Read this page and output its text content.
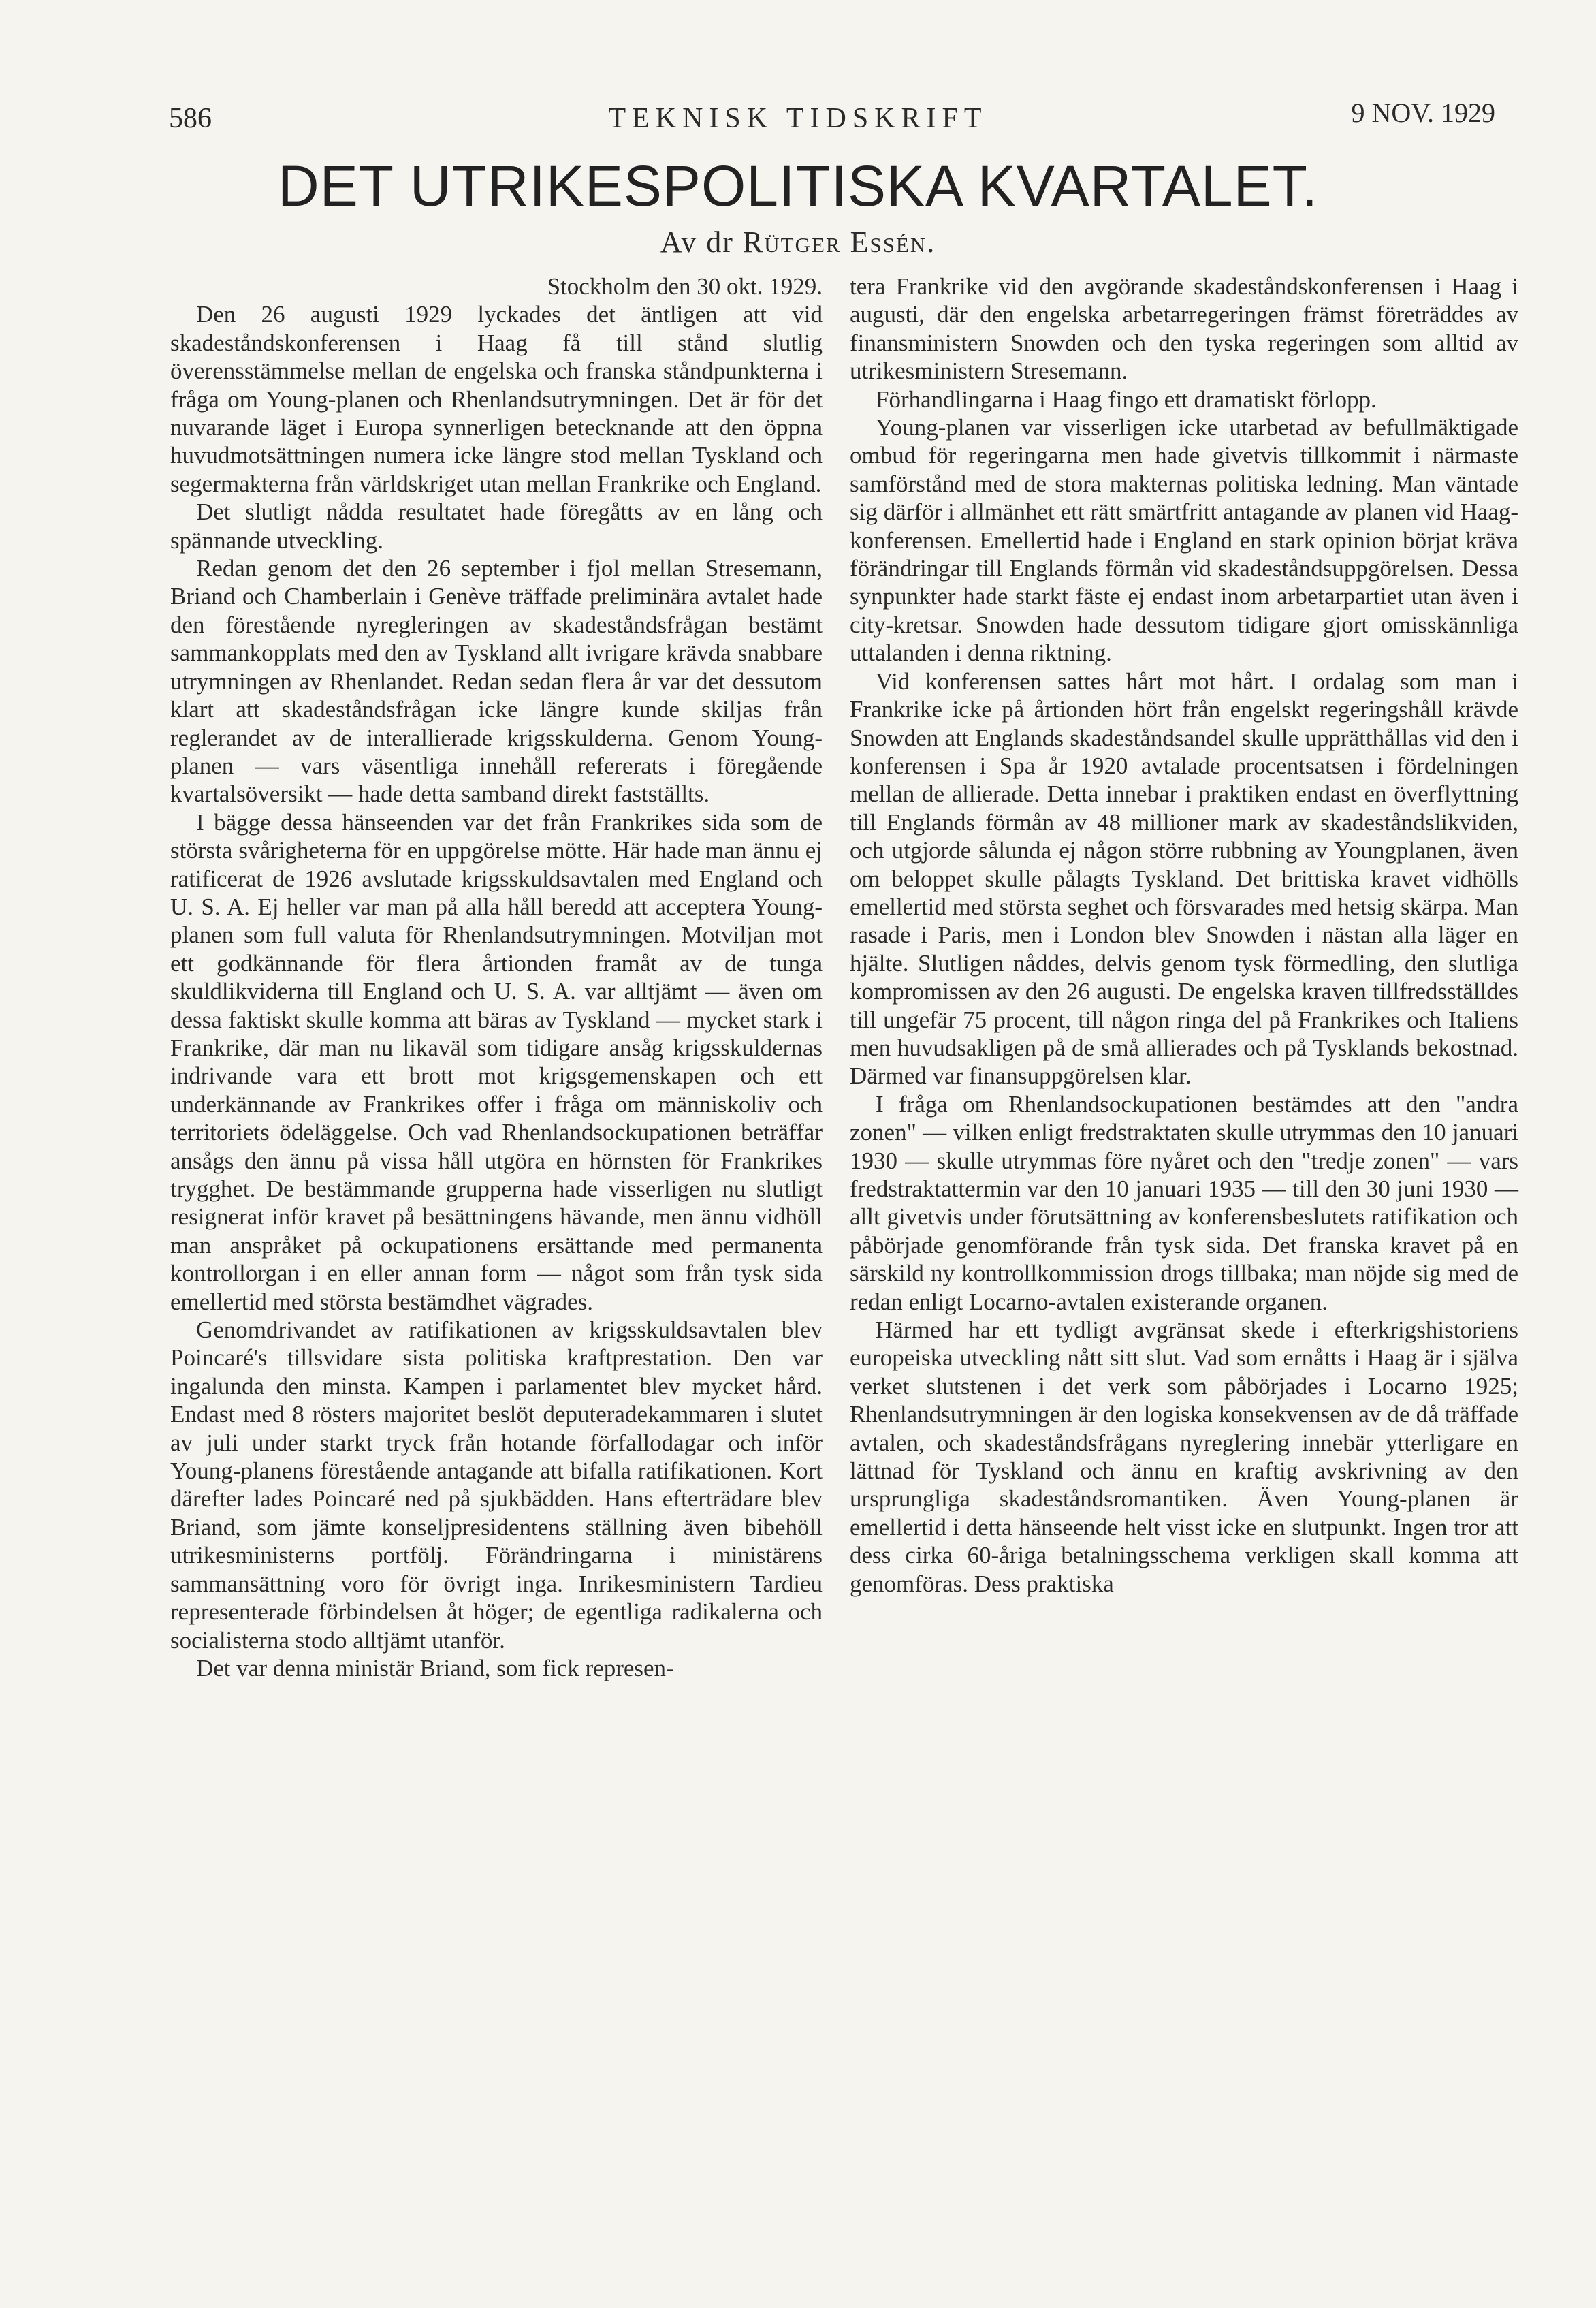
586	TEKNISK TIDSKRIFT	9 NOV. 1929
DET UTRIKESPOLITISKA KVARTALET.
Av dr Rütger Essén.

Stockholm den 30 okt. 1929.

Den 26 augusti 1929 lyckades det äntligen att vid skadeståndskonferensen i Haag få till stånd slutlig överensstämmelse mellan de engelska och franska ståndpunkterna i fråga om Young-planen och Rhenlandsutrymningen. Det är för det nuvarande läget i Europa synnerligen betecknande att den öppna huvudmotsättningen numera icke längre stod mellan Tyskland och segermakterna från världskriget utan mellan Frankrike och England.

Det slutligt nådda resultatet hade föregåtts av en lång och spännande utveckling.

Redan genom det den 26 september i fjol mellan Stresemann, Briand och Chamberlain i Genève träffade preliminära avtalet hade den förestående nyregleringen av skadeståndsfrågan bestämt sammankopplats med den av Tyskland allt ivrigare krävda snabbare utrymningen av Rhenlandet. Redan sedan flera år var det dessutom klart att skadeståndsfrågan icke längre kunde skiljas från reglerandet av de interallierade krigsskulderna. Genom Young-planen — vars väsentliga innehåll refererats i föregående kvartalsöversikt — hade detta samband direkt fastställts.

I bägge dessa hänseenden var det från Frankrikes sida som de största svårigheterna för en uppgörelse mötte. Här hade man ännu ej ratificerat de 1926 avslutade krigsskuldsavtalen med England och U. S. A. Ej heller var man på alla håll beredd att acceptera Young-planen som full valuta för Rhenlandsutrymningen. Motviljan mot ett godkännande för flera årtionden framåt av de tunga skuldlikviderna till England och U. S. A. var alltjämt — även om dessa faktiskt skulle komma att bäras av Tyskland — mycket stark i Frankrike, där man nu likaväl som tidigare ansåg krigsskuldernas indrivande vara ett brott mot krigsgemenskapen och ett underkännande av Frankrikes offer i fråga om människoliv och territoriets ödeläggelse. Och vad Rhenlandsockupationen beträffar ansågs den ännu på vissa håll utgöra en hörnsten för Frankrikes trygghet. De bestämmande grupperna hade visserligen nu slutligt resignerat inför kravet på besättningens hävande, men ännu vidhöll man anspråket på ockupationens ersättande med permanenta kontrollorgan i en eller annan form — något som från tysk sida emellertid med största bestämdhet vägrades.

Genomdrivandet av ratifikationen av krigsskuldsavtalen blev Poincaré's tillsvidare sista politiska kraftprestation. Den var ingalunda den minsta. Kampen i parlamentet blev mycket hård. Endast med 8 rösters majoritet beslöt deputeradekammaren i slutet av juli under starkt tryck från hotande förfallodagar och inför Young-planens förestående antagande att bifalla ratifikationen. Kort därefter lades Poincaré ned på sjukbädden. Hans efterträdare blev Briand, som jämte konseljpresidentens ställning även bibehöll utrikesministerns portfölj. Förändringarna i ministärens sammansättning voro för övrigt inga. Inrikesministern Tardieu representerade förbindelsen åt höger; de egentliga radikalerna och socialisterna stodo alltjämt utanför.

Det var denna ministär Briand, som fick represen-

tera Frankrike vid den avgörande skadeståndskonferensen i Haag i augusti, där den engelska arbetarregeringen främst företräddes av finansministern Snowden och den tyska regeringen som alltid av utrikesministern Stresemann.

Förhandlingarna i Haag fingo ett dramatiskt förlopp.

Young-planen var visserligen icke utarbetad av befullmäktigade ombud för regeringarna men hade givetvis tillkommit i närmaste samförstånd med de stora makternas politiska ledning. Man väntade sig därför i allmänhet ett rätt smärtfritt antagande av planen vid Haag-konferensen. Emellertid hade i England en stark opinion börjat kräva förändringar till Englands förmån vid skadeståndsuppgörelsen. Dessa synpunkter hade starkt fäste ej endast inom arbetarpartiet utan även i city-kretsar. Snowden hade dessutom tidigare gjort omisskännliga uttalanden i denna riktning.

Vid konferensen sattes hårt mot hårt. I ordalag som man i Frankrike icke på årtionden hört från engelskt regeringshåll krävde Snowden att Englands skadeståndsandel skulle upprätthållas vid den i konferensen i Spa år 1920 avtalade procentsatsen i fördelningen mellan de allierade. Detta innebar i praktiken endast en överflyttning till Englands förmån av 48 millioner mark av skadeståndslikviden, och utgjorde sålunda ej någon större rubbning av Youngplanen, även om beloppet skulle pålagts Tyskland. Det brittiska kravet vidhölls emellertid med största seghet och försvarades med hetsig skärpa. Man rasade i Paris, men i London blev Snowden i nästan alla läger en hjälte. Slutligen nåddes, delvis genom tysk förmedling, den slutliga kompromissen av den 26 augusti. De engelska kraven tillfredsställdes till ungefär 75 procent, till någon ringa del på Frankrikes och Italiens men huvudsakligen på de små allierades och på Tysklands bekostnad. Därmed var finansuppgörelsen klar.

I fråga om Rhenlandsockupationen bestämdes att den "andra zonen" — vilken enligt fredstraktaten skulle utrymmas den 10 januari 1930 — skulle utrymmas före nyåret och den "tredje zonen" — vars fredstraktattermin var den 10 januari 1935 — till den 30 juni 1930 — allt givetvis under förutsättning av konferensbeslutets ratifikation och påbörjade genomförande från tysk sida. Det franska kravet på en särskild ny kontrollkommission drogs tillbaka; man nöjde sig med de redan enligt Locarno-avtalen existerande organen.

Härmed har ett tydligt avgränsat skede i efterkrigshistoriens europeiska utveckling nått sitt slut. Vad som ernåtts i Haag är i själva verket slutstenen i det verk som påbörjades i Locarno 1925; Rhenlandsutrymningen är den logiska konsekvensen av de då träffade avtalen, och skadeståndsfrågans nyreglering innebär ytterligare en lättnad för Tyskland och ännu en kraftig avskrivning av den ursprungliga skadeståndsromantiken. Även Young-planen är emellertid i detta hänseende helt visst icke en slutpunkt. Ingen tror att dess cirka 60-åriga betalningsschema verkligen skall komma att genomföras. Dess praktiska
